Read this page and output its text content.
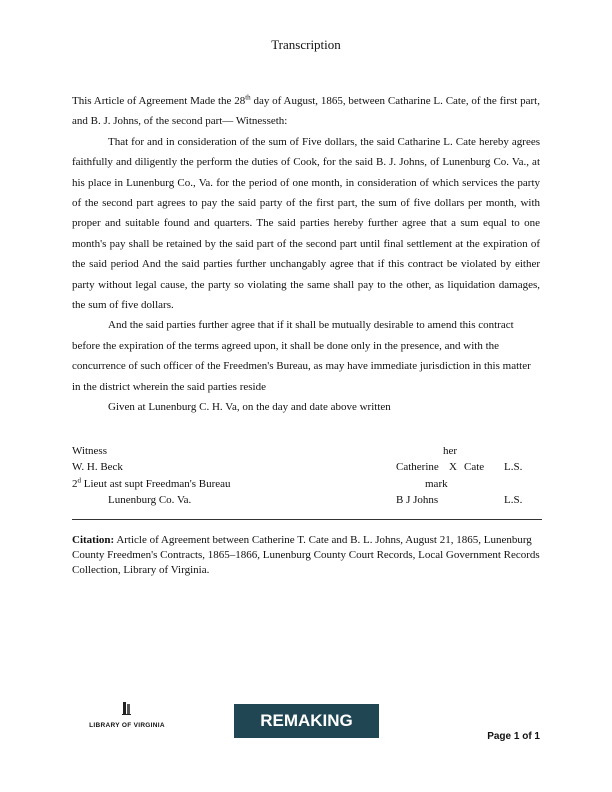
Transcription

This Article of Agreement Made the 28th day of August, 1865, between Catharine L. Cate, of the first part, and B. J. Johns, of the second part— Witnesseth:

That for and in consideration of the sum of Five dollars, the said Catharine L. Cate hereby agrees faithfully and diligently the perform the duties of Cook, for the said B. J. Johns, of Lunenburg Co. Va., at his place in Lunenburg Co., Va. for the period of one month, in consideration of which services the party of the second part agrees to pay the said party of the first part, the sum of five dollars per month, with proper and suitable found and quarters. The said parties hereby further agree that a sum equal to one month's pay shall be retained by the said part of the second part until final settlement at the expiration of the said period And the said parties further unchangably agree that if this contract be violated by either party without legal cause, the party so violating the same shall pay to the other, as liquidation damages, the sum of five dollars.

And the said parties further agree that if it shall be mutually desirable to amend this contract before the expiration of the terms agreed upon, it shall be done only in the presence, and with the concurrence of such officer of the Freedmen's Bureau, as may have immediate jurisdiction in this matter in the district wherein the said parties reside

Given at Lunenburg C. H. Va, on the day and date above written

Witness	her
W. H. Beck	Catherine X Cate L.S.
2$^d$ Lieut ast supt Freedman's Bureau	mark
Lunenburg Co. Va.	B J Johns	L.S.
Citation: Article of Agreement between Catherine T. Cate and B. L. Johns, August 21, 1865, Lunenburg County Freedmen's Contracts, 1865–1866, Lunenburg County Court Records, Local Government Records Collection, Library of Virginia.
LIBRARY OF VIRGINIA	REMAKING VIRGINIA
Page 1 of 1
